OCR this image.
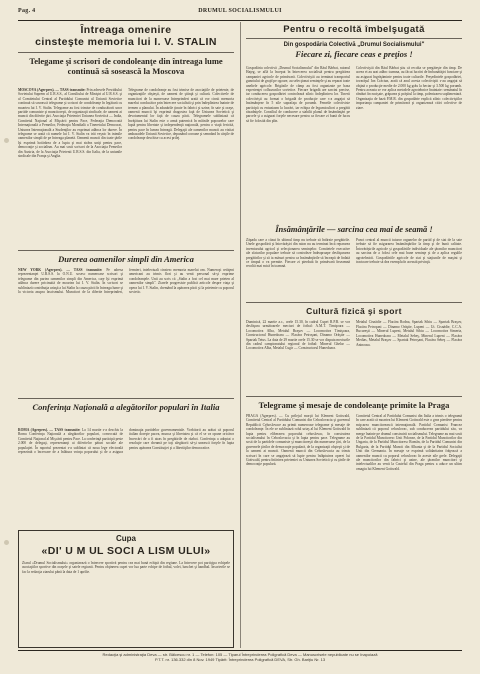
Pag. 4	DRUMUL SOCIALISMULUI
Întreaga omenire
cinsteşte memoria lui I. V. STALIN
Telegame şi scrisori de condoleanţe din întreaga lume continuă să sosească la Moscova
MOSCOVA (Agerpres). — TASS transmite: Prin adresele Prezidiului Sovietului Suprem al U.R.S.S., al Consiliului de Miniştri al U.R.S.S. şi al Comitetului Central al Partidului Comunist al Uniunii Sovietice continuă să sosească telegrame şi scrisori de condoleanţe în legătură cu moartea lui I. V. Stalin. Telegrame au fost trimise de conducătorii unor partide comuniste şi muncitoreşti, de organizaţii sindicale, de oameni ai muncii din diferite ţări. Asociaţia Prieteniei Uniunea Sovietică — India, Comitetul Naţional al Mişcării pentru Pace, Federaţia Democrată Internaţională a Femeilor, Federaţia Mondială a Tineretului Democrat, Uniunea Internaţională a Studenţilor au exprimat adânca lor durere. În telegrame se arată că numele lui I. V. Stalin va trăi veşnic în inimile oamenilor simpli de pe întreaga planetă. Oamenii muncii din toate ţările îşi exprimă hotărârea de a lupta şi mai strâns uniţi pentru pace, democraţie şi socialism. Au mai sosit scrisori de la Asociaţia Femeilor din Austria, de la Asociaţia Prietenii U.R.S.S. din Italia, de la uniunile sindicale din Franţa şi Anglia.
Telegrame de condoleanţe au fost trimise de asociaţiile de prietenie, de organizaţiile obşteşti, de oameni de ştiinţă şi cultură. Colectivele de muncitori de la numeroase întreprinderi arată că vor cinsti memoria marelui conducător prin întrecere socialistă şi prin îndeplinirea înainte de termen a planului. În adunările ţinute în fabrici şi uzine, în sate şi oraşe, oamenii muncii îşi exprimă dragostea faţă de Uniunea Sovietică şi devotamentul lor faţă de cauza păcii. Telegramele subliniază că învăţătura lui Stalin este o armă puternică în mâinile popoarelor care luptă pentru libertate şi independenţă naţională, pentru o viaţă fericită, pentru pace în lumea întreagă. Delegaţii ale oamenilor muncii au vizitat ambasadele Uniunii Sovietice, depunând coroane şi semnând în cărţile de condoleanţe deschise cu acest prilej.
Durerea oamenilor simpli din America
NEW YORK (Agerpres). — TASS transmite: Pe adresa reprezentanţei U.R.S.S. la O.N.U. sosesc numeroase scrisori şi telegrame din partea oamenilor simpli din America, care îşi exprimă adânca durere pricinuită de moartea lui I. V. Stalin. În scrisori se subliniază contribuţia uriaşă a lui Stalin la cauza păcii în întreaga lume şi la victoria asupra fascismului. Muncitori de la diferite întreprinderi, fermieri, intelectuali cinstesc memoria marelui om. Numeroşi cetăţeni americani au trimis flori şi au venit personal să-şi exprime condoleanţele. Unii au scris că ,,Stalin a fost cel mai mare prieten al oamenilor simpli''. Ziarele progresiste publică articole despre viaţa şi opera lui I. V. Stalin, chemând la apărarea păcii şi la prietenie cu poporul sovietic.
Conferinţa Naţională a alegătorilor populari în Italia
ROMA (Agerpres). — TASS transmite: La 14 martie s-a deschis la Roma Conferinţa Naţională a alegătorilor populari, convocată de Comitetul Naţional al Mişcării pentru Pace. La conferinţă participă peste 2.000 de delegaţi, reprezentanţi ai diferitelor pături sociale ale populaţiei. În raportul prezentat s-a subliniat că noua lege electorală reprezintă o încercare de a înlătura voinţa poporului şi de a asigura dominaţia partidelor guvernamentale. Vorbitorii au arătat că poporul italian doreşte pacea, munca şi libertatea şi că el se va opune oricăror încercări de a fi atras în pregătirile de război. Conferinţa a adoptat o rezoluţie care cheamă pe toţi alegătorii să-şi unească forţele în lupta pentru apărarea Constituţiei şi a libertăţilor democratice.
Cupa
«DI' U M UL SOCI A LISM ULUI»
Ziarul «Drumul Socialismului» organizează o întrecere sportivă pentru cea mai bună echipă din regiune. La întrecere pot participa echipele asociaţiilor sportive din oraşele şi satele regiunii. Pentru obţinerea cupei vor lua parte echipe de fotbal, volei, baschet şi handbal. Înscrierile se fac la redacţia ziarului până la data de 1 aprilie.
Pentru o recoltă îmbelşugată
Din gospodăria Colectivă „Drumul Socialismului"
Fiecare zi, fiecare ceas e preţios !
Gospodăria colectivă „Drumul Socialismului" din Răul Bârbat, raionul Haţeg, se află la început în întrecerea socialistă pentru pregătirea campaniei agricole de primăvară. Colectiviştii au terminat transportul gunoiului de grajd pe ogoare, au selecţionat seminţele şi au reparat toate uneltele agricole. Brigăzile de câmp au fost organizate pe baza experienţei colhozurilor sovietice. Fiecare brigadă are sarcini precise, iar conducerea gospodăriei controlează zilnic îndeplinirea lor. Tinerii colectivişti au format o brigadă de producţie care s-a angajat să însămânţeze în 5 zile suprafaţa de porumb. Femeile colectiviste participă cu entuziasm la lucrări, iar echipa de legumicultori a pregătit răsadniţele. Consiliul de conducere a stabilit planul de însămânţări pe parcele şi a asigurat forţele necesare pentru ca fiecare zi bună de lucru să fie folosită din plin.
Colectiviştii din Răul Bârbat ştiu că recolta se pregăteşte din timp. De aceea ei au arat adânc toamna, au făcut lucrări de îmbunătăţiri funciare şi au asigurat îngrăşăminte pentru toate culturile. Preşedintele gospodăriei, tovarăşul Ion Crăciun, arată că anul acesta colectiviştii s-au angajat să obţină o producţie medie de 2.000 kg grâu la hectar şi 3.500 kg porumb. Pentru aceasta se vor aplica metodele agrotehnice înaintate: semănatul în rânduri încrucişate, grăparea şi prăşitul la timp, polenizarea suplimentară. Organizaţia de bază P.M.R. din gospodărie explică zilnic colectiviştilor importanţa campaniei de primăvară şi organizează citiri colective de ziare.
Însămânţările — sarcina cea mai de seamă !
Zăpada care a căzut în ultimul timp nu trebuie să întârzie pregătirile. Unele gospodării şi întovărăşiri din raion nu au terminat încă repararea inventarului agricol şi selecţionarea seminţelor. Comitetele executive ale sfaturilor populare trebuie să controleze îndeaproape desfăşurarea pregătirilor şi să ia măsuri pentru ca însămânţările să înceapă de îndată ce timpul o va permite. Fiecare zi pierdută în primăvară înseamnă recoltă mai mică în toamnă.
Punct central al muncii tuturor organelor de partid şi de stat de la sate trebuie să fie asigurarea însămânţărilor la timp şi de bună calitate. Întovărăşirile agricole şi gospodăriile individuale ale ţăranilor muncitori au sarcina de a folosi cele mai bune seminţe şi de a aplica regulile agrotehnicii. Gospodăriile agricole de stat şi staţiunile de maşini şi tractoare trebuie să dea exemplu în această privinţă.
Cultură fizică şi sport
Duminică, 22 martie a.c., orele 15.30, în cadrul Cupei R.P.R. se vor desfăşura următoarele meciuri de fotbal: A.M.T. Timişoara — Locomotiva Alba, Metalul Braşov — Locomotiva Timişoara, Constructorul Hunedoara — Flacăra Petroşani, Dinamo Orăştie — Spartak Teius. La data de 29 martie orele 15.30 se vor disputa meciurile din cadrul campionatului regional de fotbal: Minerul Ghelar — Locomotiva Alba, Metalul Cugir — Constructorul Hunedoara.
Metalul Cisnădie — Flacăra Rodna, Spartak Sibiu — Spartak Braşov, Flacăra Petroşani — Dinamo Orăştie, Lupeni — Ut. Cisnădie, C.C.A. Bucureşti — Minerul Lupeni, Metalul Sibiu — Locomotiva Simeria, Locomotiva Hunedoara — Metalul Sebeş, Minerul Lupeni — Flacăra Medias, Metalul Braşov — Spartak Petroşani, Flacăra Sebeş — Flacăra Aninoasa.
Telegrame şi mesaje de condoleanţe primite la Praga
PRAGA (Agerpres). — Cu prilejul morţii lui Klement Gottwald, Comitetul Central al Partidului Comunist din Cehoslovacia şi guvernul Republicii Cehoslovace au primit numeroase telegrame şi mesaje de condoleanţe. În ele se subliniază rolul uriaş al lui Klement Gottwald în lupta pentru eliberarea poporului cehoslovac, în construirea socialismului în Cehoslovacia şi în lupta pentru pace. Telegrame au sosit de la partidele comuniste şi muncitoreşti din numeroase ţări, de la guvernele ţărilor de democraţie populară, de la organizaţii obşteşti şi de la oameni ai muncii. Oamenii muncii din Cehoslovacia au trimis scrisori în care se angajează să lupte pentru înfăptuirea operei lui Gottwald, pentru întărirea prieteniei cu Uniunea Sovietică şi cu ţările de democraţie populară.
Comitetul Central al Partidului Comunist din Italia a trimis o telegramă în care arată că moartea lui Klement Gottwald este o grea pierdere pentru mişcarea muncitorească internaţională. Partidul Comunist Francez subliniază că poporul cehoslovac, sub conducerea partidului său, va merge înainte pe drumul construirii socialismului. Telegrame au mai sosit de la Partidul Muncitoresc Unit Polonez, de la Partidul Muncitorilor din Ungaria, de la Partidul Muncitoresc Român, de la Partidul Comunist din Bulgaria, de la Partidul Muncii din Albania şi de la Partidul Socialist Unit din Germania. În mesaje se exprimă solidaritatea frăţească a oamenilor muncii cu poporul cehoslovac în aceste zile grele. Delegaţii ale muncitorilor din fabrici şi uzine, ale ţăranilor muncitori şi intelectualilor au venit la Castelul din Praga pentru a aduce un ultim omagiu lui Klement Gottwald.
Redacţia şi administraţia Deva — str. Bălcescu nr. 1 — Telefon: 105 — Tiparul Întreprinderea Poligrafică Deva — Manuscrisele nepublicate nu se înapoiază
P.T.T. nr. 136.332 din 8 Nov. 1949 Tipărit: Întreprinderea Poligrafică DEVA, Str. Gh. Bariţiu Nr. 13
